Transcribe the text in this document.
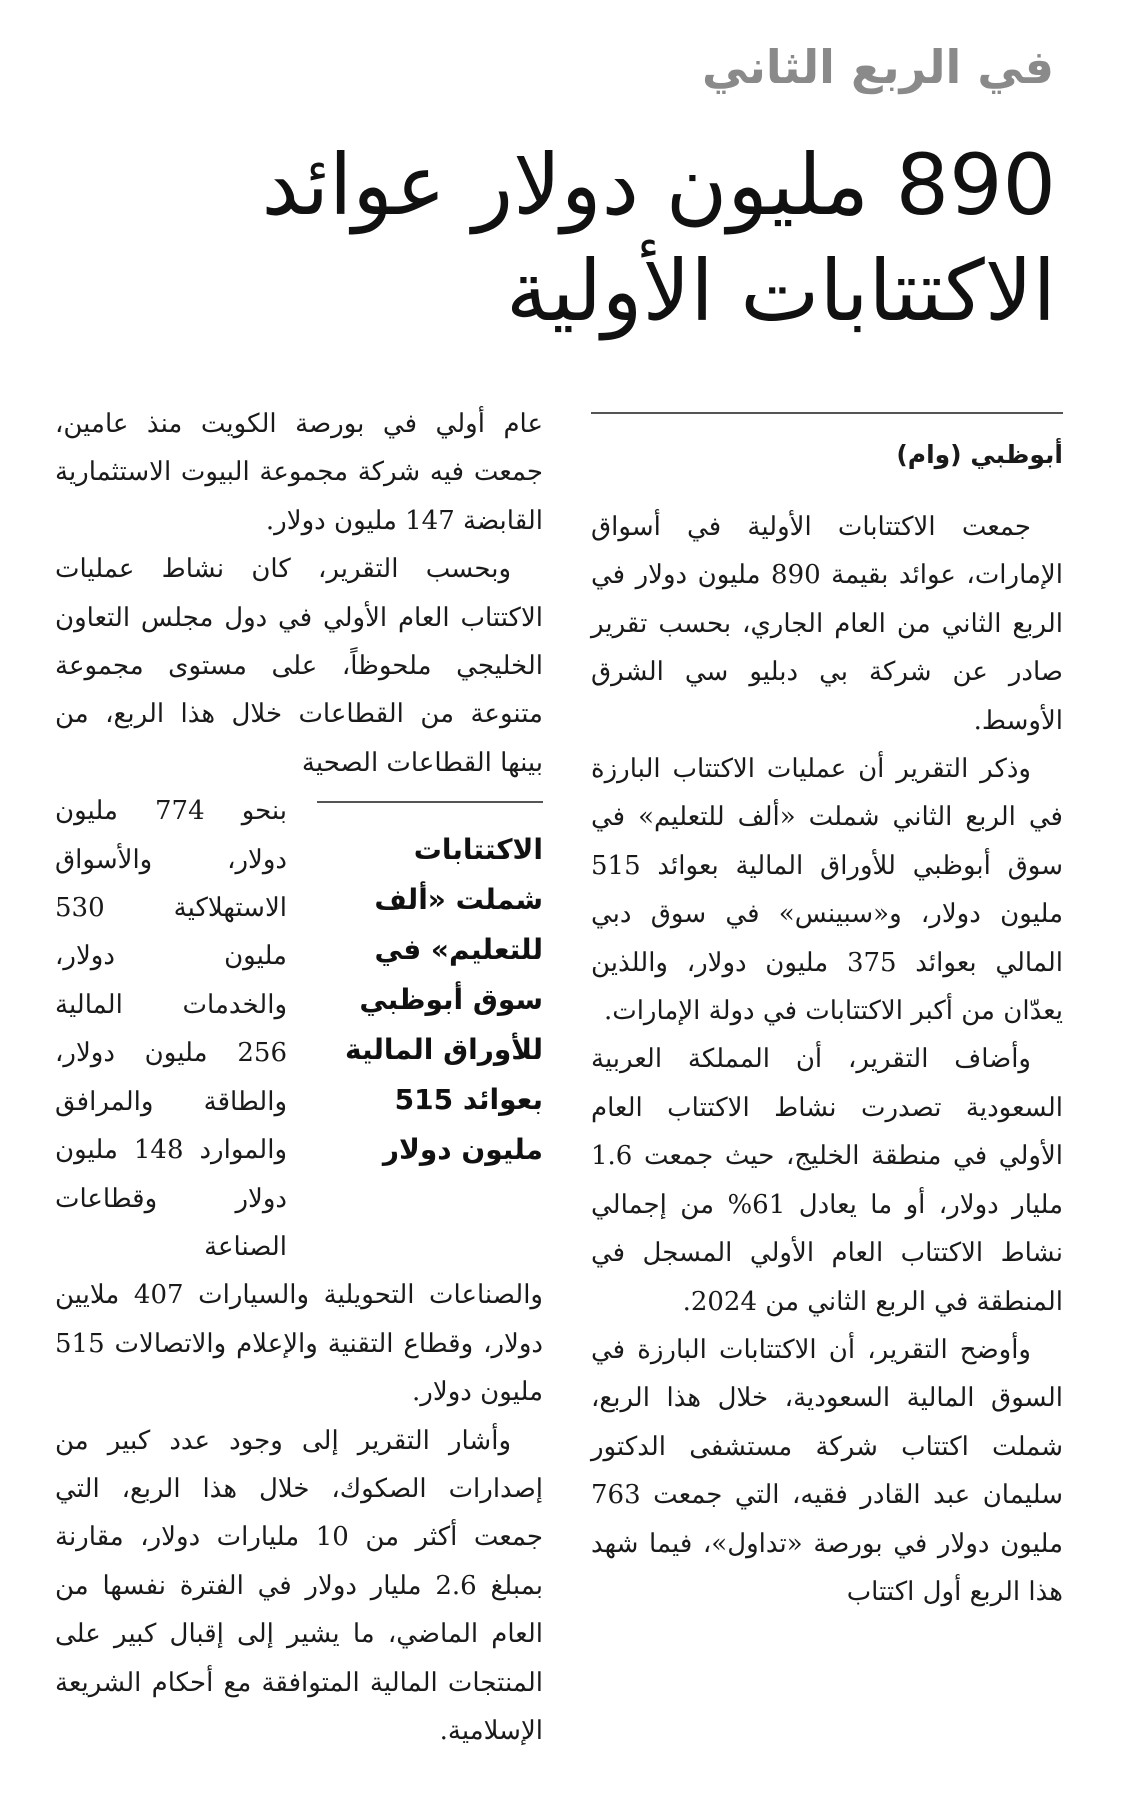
في الربع الثاني
890 مليون دولار عوائد
الاكتتابات الأولية
أبوظبي (وام)

جمعت الاكتتابات الأولية في أسواق الإمارات، عوائد بقيمة 890 مليون دولار في الربع الثاني من العام الجاري، بحسب تقرير صادر عن شركة بي دبليو سي الشرق الأوسط.

وذكر التقرير أن عمليات الاكتتاب البارزة في الربع الثاني شملت «ألف للتعليم» في سوق أبوظبي للأوراق المالية بعوائد 515 مليون دولار، و«سبينس» في سوق دبي المالي بعوائد 375 مليون دولار، واللذين يعدّان من أكبر الاكتتابات في دولة الإمارات.

وأضاف التقرير، أن المملكة العربية السعودية تصدرت نشاط الاكتتاب العام الأولي في منطقة الخليج، حيث جمعت 1.6 مليار دولار، أو ما يعادل 61% من إجمالي نشاط الاكتتاب العام الأولي المسجل في المنطقة في الربع الثاني من 2024.

وأوضح التقرير، أن الاكتتابات البارزة في السوق المالية السعودية، خلال هذا الربع، شملت اكتتاب شركة مستشفى الدكتور سليمان عبد القادر فقيه، التي جمعت 763 مليون دولار في بورصة «تداول»، فيما شهد هذا الربع أول اكتتاب

عام أولي في بورصة الكويت منذ عامين، جمعت فيه شركة مجموعة البيوت الاستثمارية القابضة 147 مليون دولار.

وبحسب التقرير، كان نشاط عمليات الاكتتاب العام الأولي في دول مجلس التعاون الخليجي ملحوظاً، على مستوى مجموعة متنوعة من القطاعات خلال هذا الربع، من بينها القطاعات الصحية

الاكتتابات شملت «ألف للتعليم» في سوق أبوظبي للأوراق المالية بعوائد 515 مليون دولار

بنحو 774 مليون دولار، والأسواق الاستهلاكية 530 مليون دولار، والخدمات المالية 256 مليون دولار، والطاقة والمرافق والموارد 148 مليون دولار وقطاعات الصناعة

والصناعات التحويلية والسيارات 407 ملايين دولار، وقطاع التقنية والإعلام والاتصالات 515 مليون دولار.

وأشار التقرير إلى وجود عدد كبير من إصدارات الصكوك، خلال هذا الربع، التي جمعت أكثر من 10 مليارات دولار، مقارنة بمبلغ 2.6 مليار دولار في الفترة نفسها من العام الماضي، ما يشير إلى إقبال كبير على المنتجات المالية المتوافقة مع أحكام الشريعة الإسلامية.
